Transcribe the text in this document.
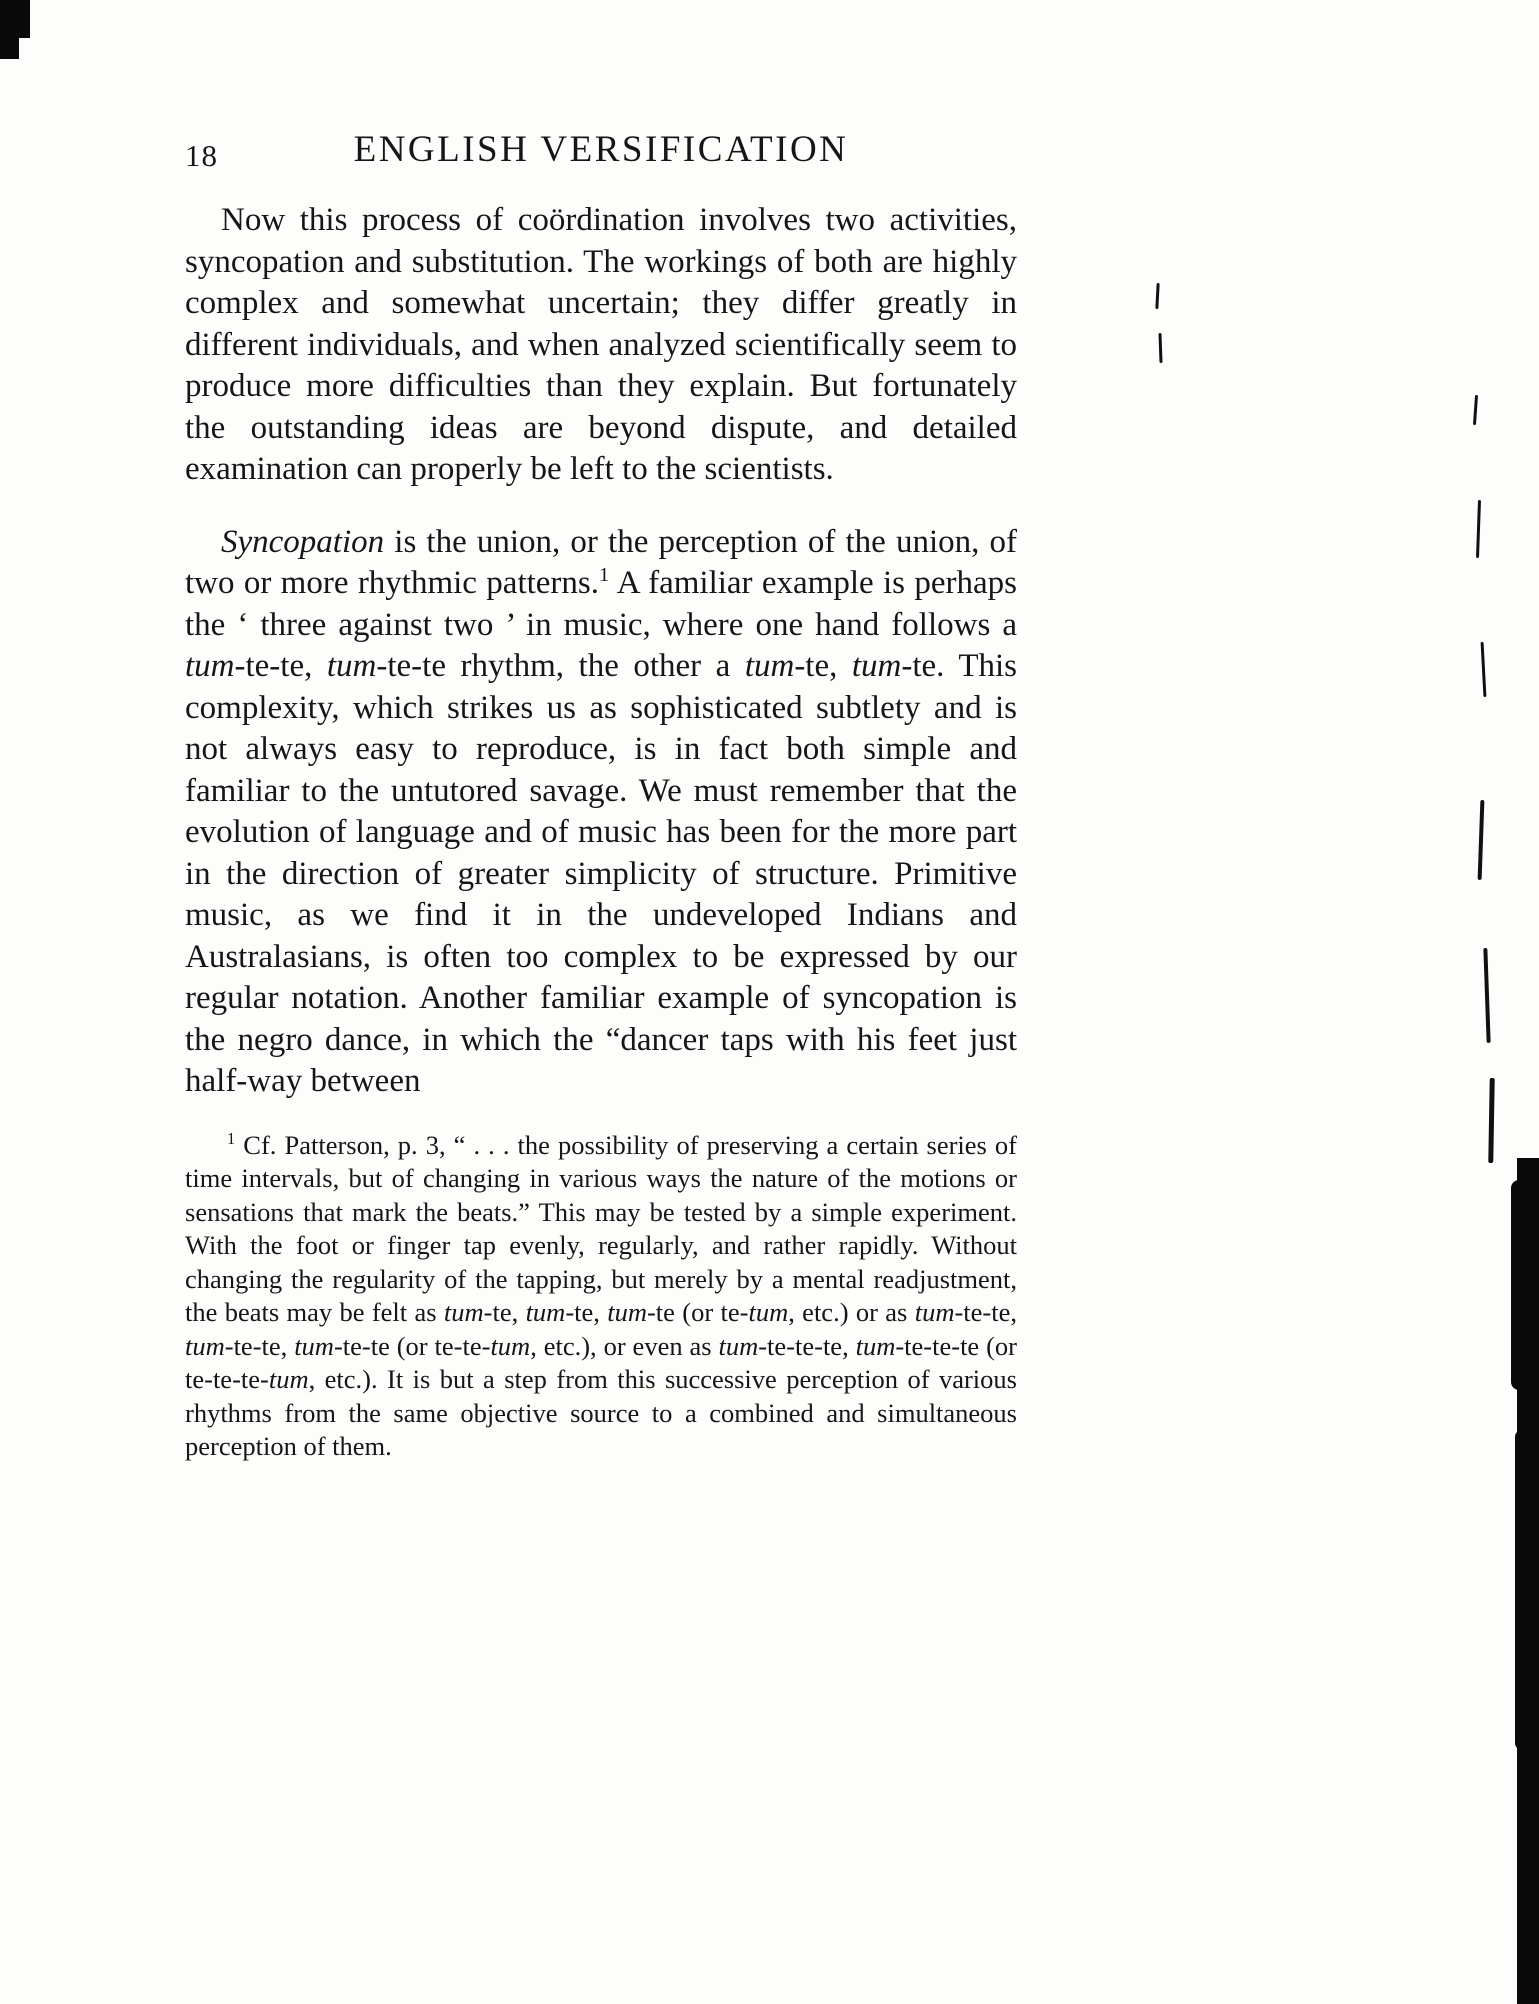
18	ENGLISH VERSIFICATION

Now this process of coördination involves two activities, syncopation and substitution. The workings of both are highly complex and somewhat uncertain; they differ greatly in different individuals, and when analyzed scientifically seem to produce more difficulties than they explain. But fortunately the outstanding ideas are beyond dispute, and detailed examination can properly be left to the scientists.

Syncopation is the union, or the perception of the union, of two or more rhythmic patterns.$^1$ A familiar example is perhaps the ‘ three against two ’ in music, where one hand follows a tum-te-te, tum-te-te rhythm, the other a tum-te, tum-te. This complexity, which strikes us as sophisticated subtlety and is not always easy to reproduce, is in fact both simple and familiar to the untutored savage. We must remember that the evolution of language and of music has been for the more part in the direction of greater simplicity of structure. Primitive music, as we find it in the undeveloped Indians and Australasians, is often too complex to be expressed by our regular notation. Another familiar example of syncopation is the negro dance, in which the “dancer taps with his feet just half-way between

$^1$ Cf. Patterson, p. 3, “ . . . the possibility of preserving a certain series of time intervals, but of changing in various ways the nature of the motions or sensations that mark the beats.” This may be tested by a simple experiment. With the foot or finger tap evenly, regularly, and rather rapidly. Without changing the regularity of the tapping, but merely by a mental readjustment, the beats may be felt as tum-te, tum-te, tum-te (or te-tum, etc.) or as tum-te-te, tum-te-te, tum-te-te (or te-te-tum, etc.), or even as tum-te-te-te, tum-te-te-te (or te-te-te-tum, etc.). It is but a step from this successive perception of various rhythms from the same objective source to a combined and simultaneous perception of them.
